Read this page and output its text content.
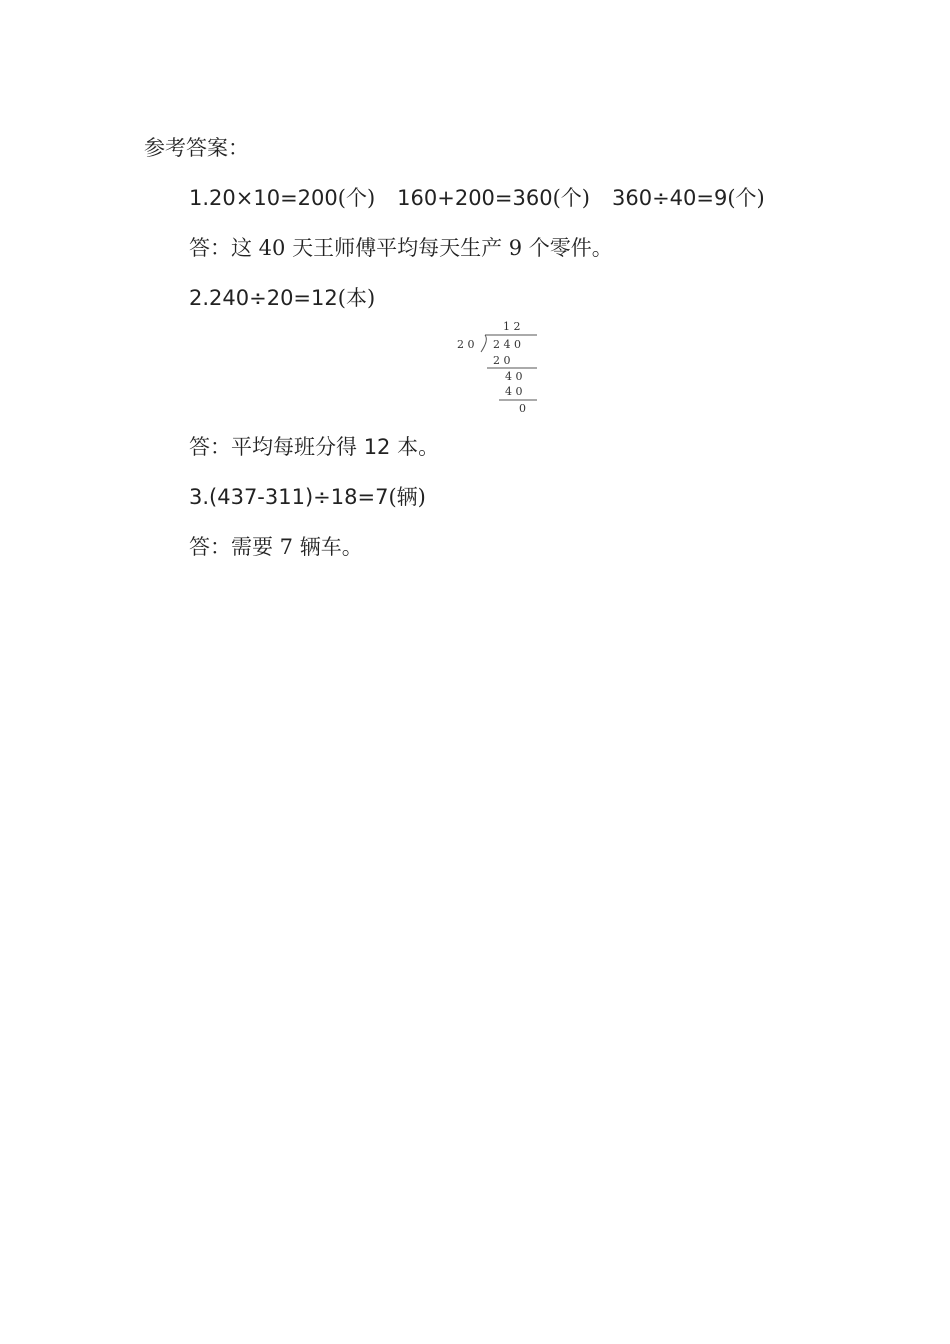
参考答案：
1.20×10=200(个) 160+200=360(个) 360÷40=9(个)
答：这 40 天王师傅平均每天生产 9 个零件。
2.240÷20=12(本)
1 2
2 0 2 4 0
2 0
4 0
4 0
0
答：平均每班分得 12 本。
3.(437-311)÷18=7(辆)
答：需要 7 辆车。
